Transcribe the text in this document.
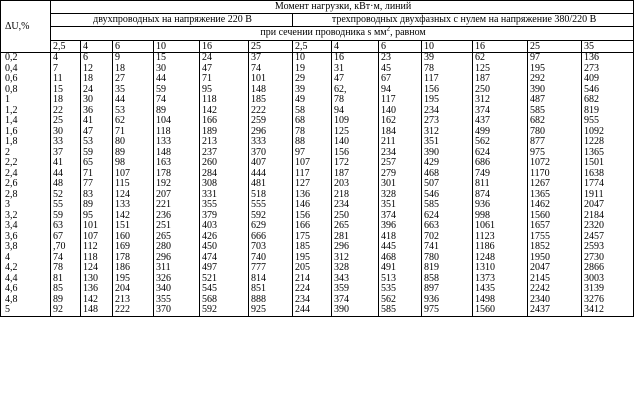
ΔU,%	Момент нагрузки, кВт·м, линий												
	двухпроводных на напряжение 220 В						трехпроводных двухфазных с нулем на напряжение 380/220 В						
	при сечении проводника s $мм^2$, равном												
	2,5	4	6	10	16	25	2,5	4	6	10	16	25	35
0,2	4	6	9	15	24	37	10	16	23	39	62	97	136
0,4	7	12	18	30	47	74	19	31	45	78	125	195	273
0,6	11	18	27	44	71	101	29	47	67	117	187	292	409
0,8	15	24	35	59	95	148	39	62,	94	156	250	390	546
1	18	30	44	74	118	185	49	78	117	195	312	487	682
1,2	22	36	53	89	142	222	58	94	140	234	374	585	819
1,4	25	41	62	104	166	259	68	109	162	273	437	682	955
1,6	30	47	71	118	189	296	78	125	184	312	499	780	1092
1,8	33	53	80	133	213	333	88	140	211	351	562	877	1228
2	37	59	89	148	237	370	97	156	234	390	624	975	1365
2,2	41	65	98	163	260	407	107	172	257	429	686	1072	1501
2,4	44	71	107	178	284	444	117	187	279	468	749	1170	1638
2,6	48	77	115	192	308	481	127	203	301	507	811	1267	1774
2,8	52	83	124	207	331	518	136	218	328	546	874	1365	1911
3	55	89	133	221	355	555	146	234	351	585	936	1462	2047
3,2	59	95	142	236	379	592	156	250	374	624	998	1560	2184
3,4	63	101	151	251	403	629	166	265	396	663	1061	1657	2320
3,6	67	107	160	265	426	666	175	281	418	702	1123	1755	2457
3,8	,70	112	169	280	450	703	185	296	445	741	1186	1852	2593
4	74	118	178	296	474	740	195	312	468	780	1248	1950	2730
4,2	78	124	186	311	497	777	205	328	491	819	1310	2047	2866
4,4	81	130	195	326	521	814	214	343	513	858	1373	2145	3003
4,6	85	136	204	340	545	851	224	359	535	897	1435	2242	3139
4,8	89	142	213	355	568	888	234	374	562	936	1498	2340	3276
5	92	148	222	370	592	925	244	390	585	975	1560	2437	3412
